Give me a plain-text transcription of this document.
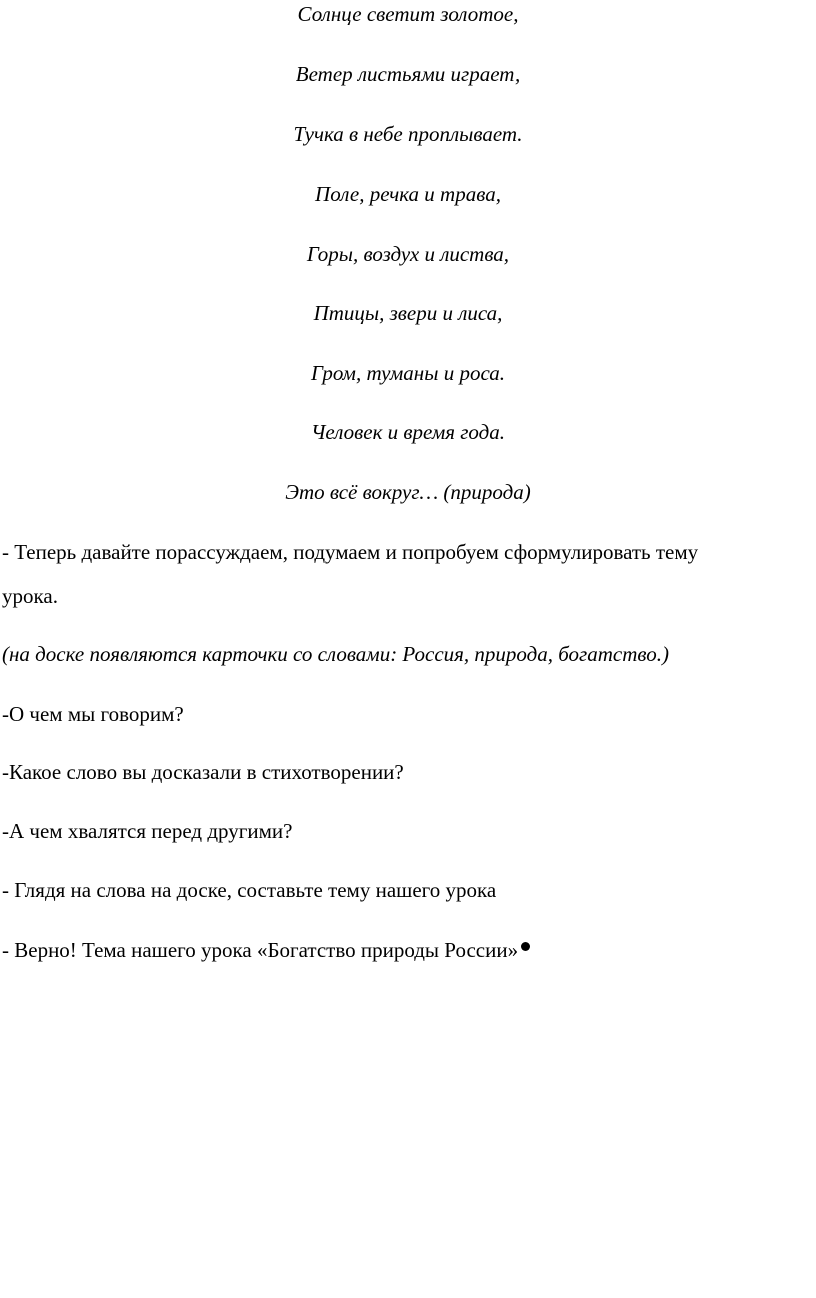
Солнце светит золотое,
Ветер листьями играет,
Тучка в небе проплывает.
Поле, речка и трава,
Горы, воздух и листва,
Птицы, звери и лиса,
Гром, туманы и роса.
Человек и время года.
Это всё вокруг… (природа)
- Теперь давайте порассуждаем, подумаем и попробуем сформулировать тему
урока.
(на доске появляются карточки со словами: Россия, природа, богатство.)
-О чем мы говорим?
-Какое слово вы досказали в стихотворении?
-А чем хвалятся перед другими?
- Глядя на слова на доске, составьте тему нашего урока
- Верно! Тема нашего урока «Богатство природы России»
